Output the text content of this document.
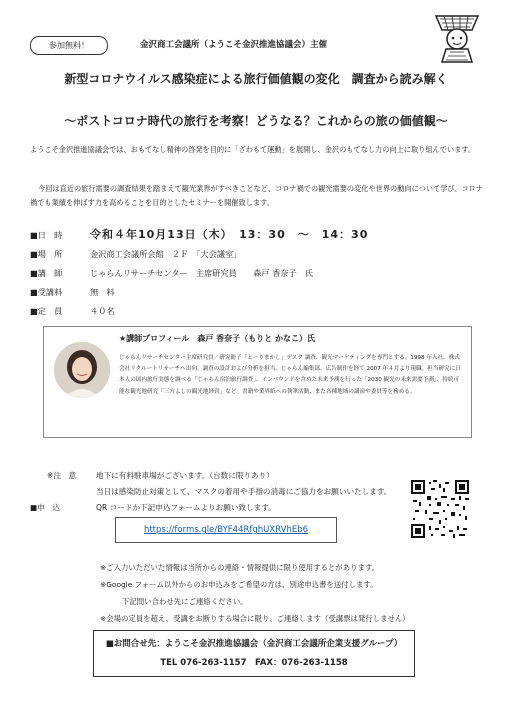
参加無料！	金沢商工会議所（ようこそ金沢推進協議会）主催
新型コロナウイルス感染症による旅行価値観の変化　調査から読み解く
～ポストコロナ時代の旅行を考察！どうなる？これからの旅の価値観～
ようこそ金沢推進協議会では、おもてなし精神の啓発を目的に「ざわもて運動」を展開し、金沢のもてなし力の向上に取り組んでいます。
今回は直近の旅行需要の調査結果を踏まえて観光業界がすべきことなど、コロナ禍での観光需要の変化や世界の動向について学び、コロナ禍でも業績を伸ばす力を高めることを目的としたセミナーを開催致します。
■日　時	令和４年10月13日（木）　13：30　～　14：30
■場　所	金沢商工会議所会館　２Ｆ　「大会議室」
■講　師	じゃらんリサーチセンター　主席研究員　　森戸 香奈子　氏
■受講料	無　料
■定　員	４０名
★講師プロフィール　森戸 香奈子（もりと かなこ）氏
じゃらんリサーチセンター主席研究員／研究冊子「とーりまかし」デスク 調査、観光マーケティングを専門とする。1998 年入社。株式会社リクルートリサーチへ出向。調査の設計および分析を担当。じゃらん編集部、広告制作を経て 2007 年４月より現職。担当研究に日本人の国内旅行実態を調べる「じゃらん宿泊旅行調査」、インバウンドを含めた未来予測を行った「2030 観光の未来需要予測」、持続可能な観光地研究「三方よしの観光地経営」など。書籍や業界紙への執筆活動、また各種地域の講演や委員等を務める。
※注　意	地下に有料駐車場がございます。（台数に限りあり）
当日は感染防止対策として、マスクの着用や手指の消毒にご協力をお願いいたします。
■申　込	QR コードか下記申込フォームよりお願い致します。
https://forms.gle/BYF44RfghUXRVhEb6
※ご入力いただいた情報は当所からの連絡・情報提供に限り使用するとがあります。
※Google フォーム以外からのお申込みをご希望の方は、別途申込書を送付します。
下記問い合わせ先にご連絡ください。
※会場の定員を超え、受講をお断りする場合に限り、ご連絡します（受講票は発行しません）
■お問合せ先：ようこそ金沢推進協議会（金沢商工会議所企業支援グループ）
TEL 076-263-1157　FAX：076-263-1158
